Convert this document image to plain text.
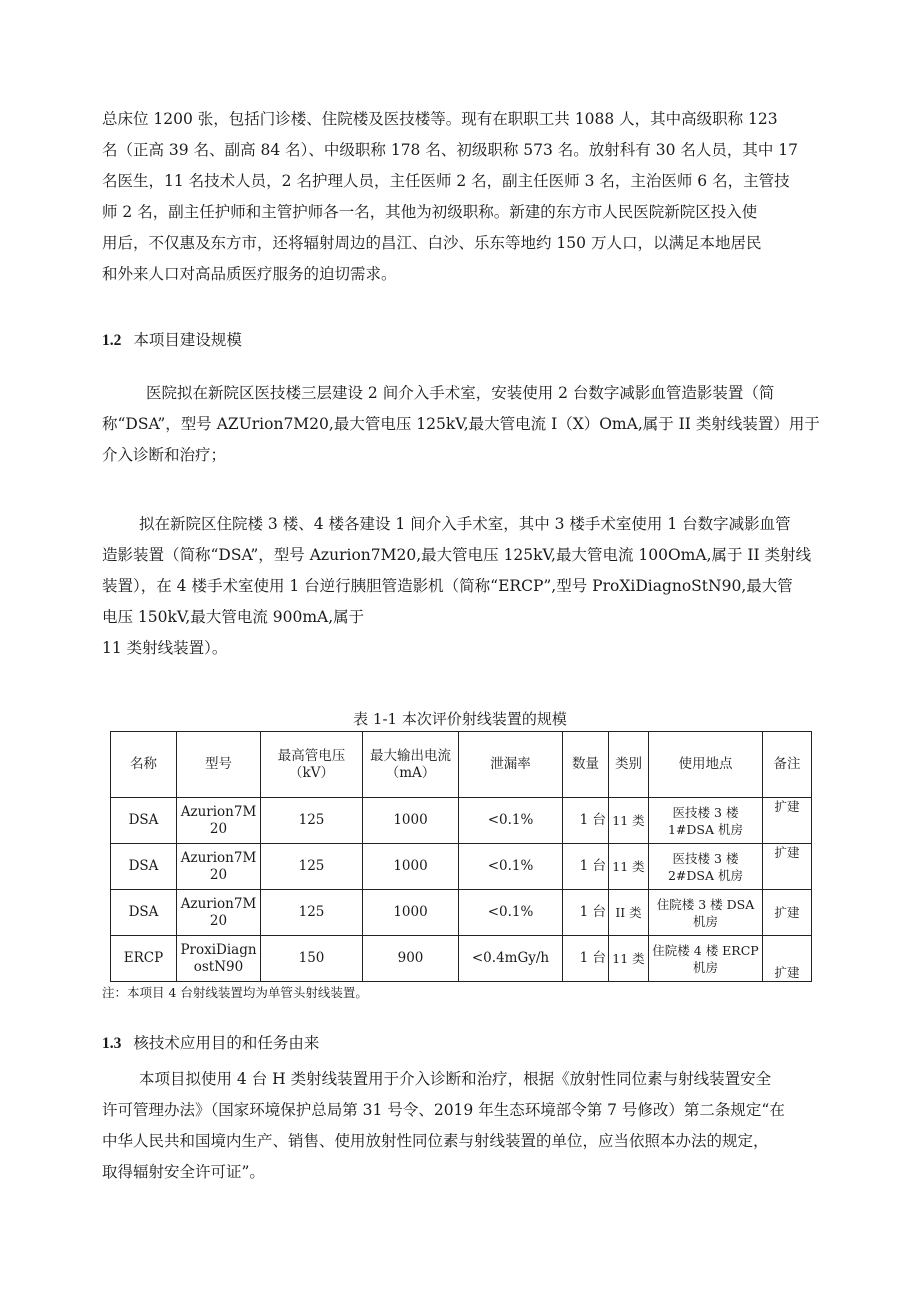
总床位 1200 张，包括门诊楼、住院楼及医技楼等。现有在职职工共 1088 人，其中高级职称 123
名（正高 39 名、副高 84 名）、中级职称 178 名、初级职称 573 名。放射科有 30 名人员，其中 17
名医生，11 名技术人员，2 名护理人员，主任医师 2 名，副主任医师 3 名，主治医师 6 名，主管技
师 2 名，副主任护师和主管护师各一名，其他为初级职称。新建的东方市人民医院新院区投入使
用后，不仅惠及东方市，还将辐射周边的昌江、白沙、乐东等地约 150 万人口，以满足本地居民
和外来人口对高品质医疗服务的迫切需求。
1.2 本项目建设规模
医院拟在新院区医技楼三层建设 2 间介入手术室，安装使用 2 台数字减影血管造影装置（简
称“DSA”，型号 AZUrion7M20,最大管电压 125kV,最大管电流 I（X）OmA,属于 II 类射线装置）用于
介入诊断和治疗；
拟在新院区住院楼 3 楼、4 楼各建设 1 间介入手术室，其中 3 楼手术室使用 1 台数字减影血管
造影装置（简称“DSA”，型号 Azurion7M20,最大管电压 125kV,最大管电流 100OmA,属于 II 类射线
装置），在 4 楼手术室使用 1 台逆行胰胆管造影机（简称“ERCP”,型号 ProXiDiagnoStN90,最大管
电压 150kV,最大管电流 900mA,属于
11 类射线装置）。

表 1-1 本次评价射线装置的规模

名称	型号	最高管电压（kV）	最大输出电流（mA）	泄漏率	数量	类别	使用地点	备注
DSA	Azurion7M20	125	1000	<0.1%	1 台	11 类	医技楼 3 楼 1#DSA 机房	扩建
DSA	Azurion7M20	125	1000	<0.1%	1 台	11 类	医技楼 3 楼 2#DSA 机房	扩建
DSA	Azurion7M20	125	1000	<0.1%	1 台	II 类	住院楼 3 楼 DSA 机房	扩建
ERCP	ProxiDiagnostN90	150	900	<0.4mGy/h	1 台	11 类	住院楼 4 楼 ERCP 机房	扩建

注：本项目 4 台射线装置均为单管头射线装置。

1.3 核技术应用目的和任务由来
本项目拟使用 4 台 H 类射线装置用于介入诊断和治疗，根据《放射性同位素与射线装置安全
许可管理办法》（国家环境保护总局第 31 号令、2019 年生态环境部令第 7 号修改）第二条规定“在
中华人民共和国境内生产、销售、使用放射性同位素与射线装置的单位，应当依照本办法的规定，
取得辐射安全许可证”。
